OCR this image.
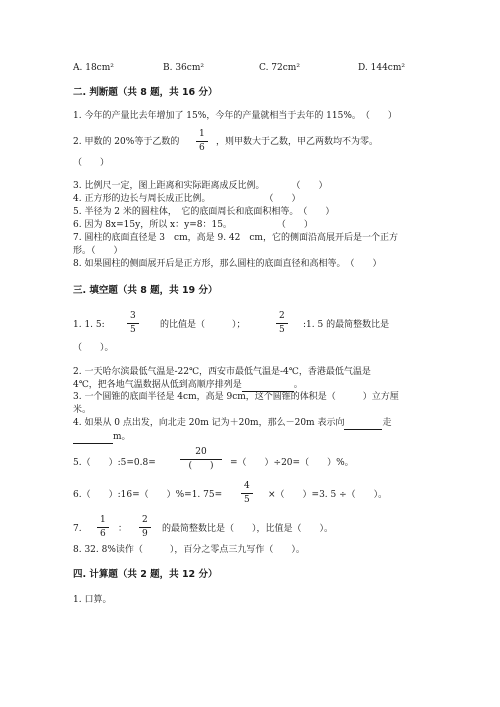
A. 18cm²	B. 36cm²	C. 72cm²	D. 144cm²
二. 判断题（共 8 题，共 16 分）
1. 今年的产量比去年增加了 15%，今年的产量就相当于去年的 115%。　（　　）
2. 甲数的 20%等于乙数的
1
6
，则甲数大于乙数，甲乙两数均不为零。
（　　）
3. 比例尺一定，图上距离和实际距离成反比例。　　　　（　　）
4. 正方形的边长与周长成正比例。　　　　　　　（　　）
5. 半径为 2 米的圆柱体，　它的底面周长和底面积相等。　（　　）
6. 因为 8x=15y，所以 x：y=8：15。　　　　　　（　　）
7. 圆柱的底面直径是 3　cm，高是 9. 42　cm，它的侧面沿高展开后是一个正方
形。（　　）
8. 如果圆柱的侧面展开后是正方形，那么圆柱的底面直径和高相等。　（　　）
三. 填空题（共 8 题，共 19 分）
1. 1. 5:
3
5	的比值是（　　　）；
2
5	:1. 5 的最简整数比是
（　　）。
2. 一天哈尔滨最低气温是-22℃，西安市最低气温是-4℃，香港最低气温是
4℃，把各地气温数据从低到高顺序排列是	。
3. 一个圆锥的底面半径是 4cm，高是 9cm，这个圆锥的体积是（　　　）立方厘
米。
4. 如果从 0 点出发，向北走 20m 记为＋20m，那么－20m 表示向	走
m。
5.（　　）:5=0.8=
20
(　　)	=（　　）÷20=（　　）%。
6.（　　）:16=（　　）%=1. 75=
4
5	×（　　）=3. 5 ÷（　　）。
7.
1
6	：
2
9	的最简整数比是（　　），比值是（　　）。
8. 32. 8%读作（　　　），百分之零点三九写作（　　）。
四. 计算题（共 2 题，共 12 分）
1. 口算。
